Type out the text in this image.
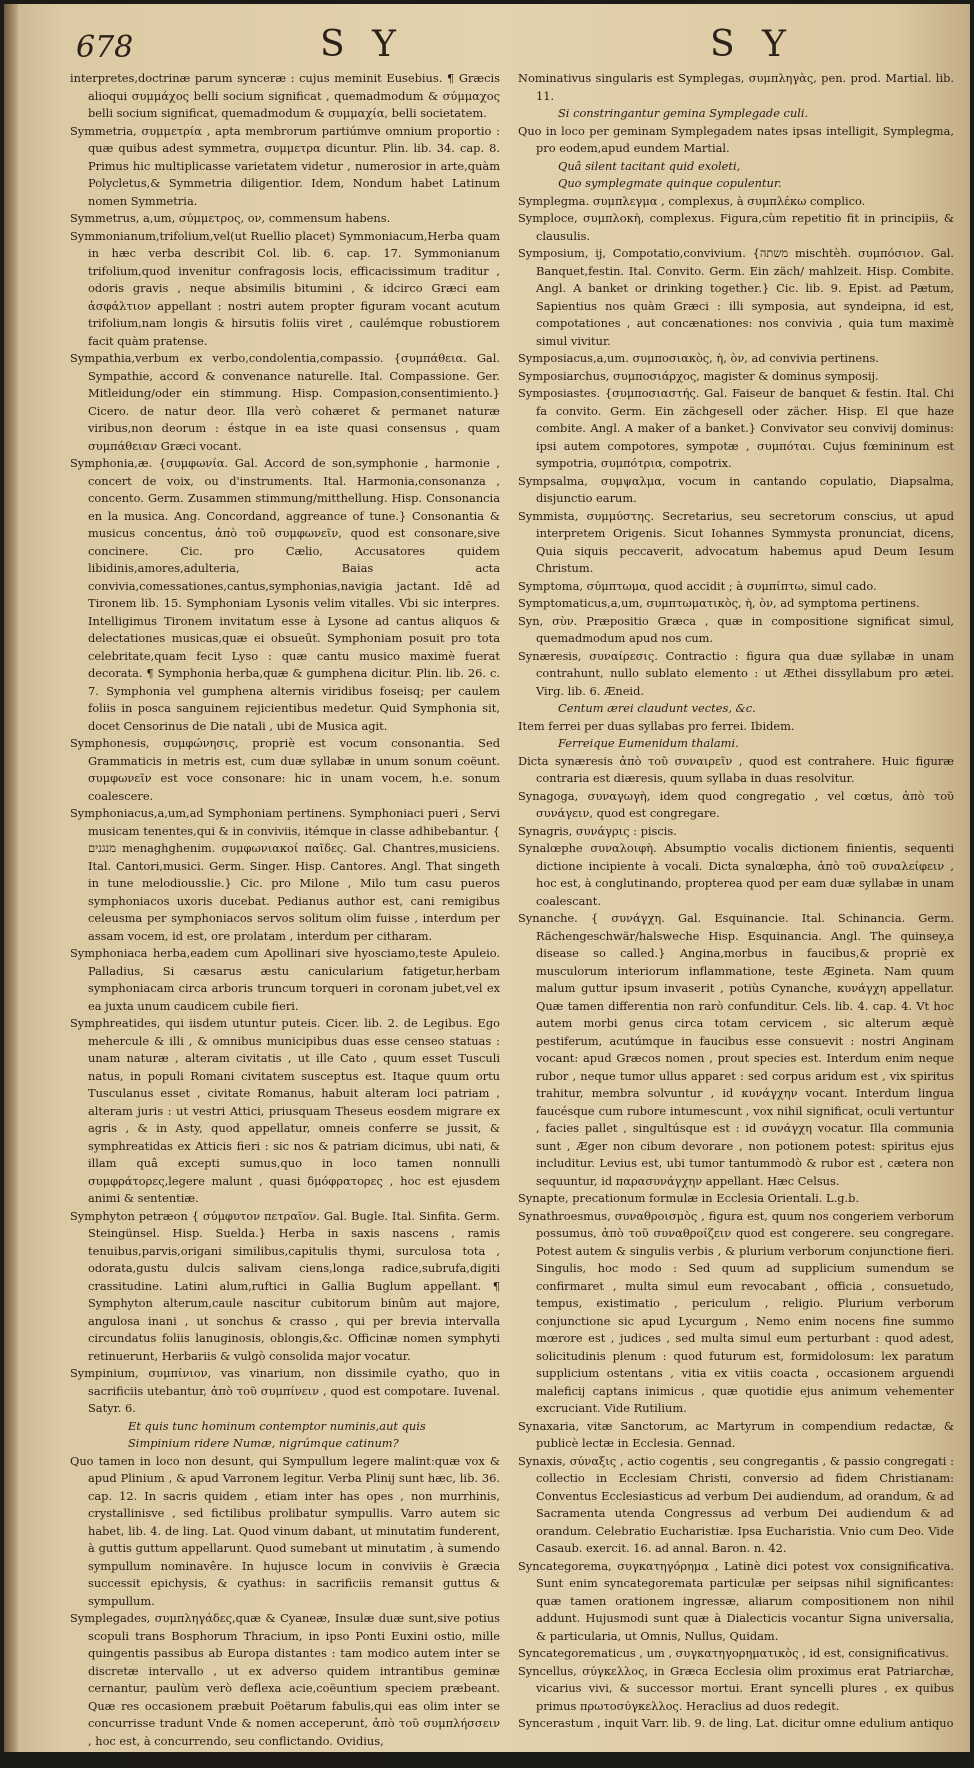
678	S Y	S Y

interpretes,doctrinæ parum synceræ : cujus meminit Eusebius. ¶ Græcis alioqui συμμάχος belli socium significat , quemadmodum & σύμμαχος belli socium significat, quemadmodum & συμμαχία, belli societatem.

Symmetria, συμμετρία , apta membrorum partiúmve omnium proportio : quæ quibus adest symmetra, συμμετρα dicuntur. Plin. lib. 34. cap. 8. Primus hic multiplicasse varietatem videtur , numerosior in arte,quàm Polycletus,& Symmetria diligentior. Idem, Nondum habet Latinum nomen Symmetria.

Symmetrus, a,um, σύμμετρος, ον, commensum habens.

Symmonianum,trifolium,vel(ut Ruellio placet) Symmoniacum,Herba quam in hæc verba describit Col. lib. 6. cap. 17. Symmonianum trifolium,quod invenitur confragosis locis, efficacissimum traditur , odoris gravis , neque absimilis bitumini , & idcirco Græci eam ἀσφάλτιον appellant : nostri autem propter figuram vocant acutum trifolium,nam longis & hirsutis foliis viret , caulémque robustiorem facit quàm pratense.

Sympathia,verbum ex verbo,condolentia,compassio. {συμπάθεια. Gal. Sympathie, accord & convenance naturelle. Ital. Compassione. Ger. Mitleidung/oder ein stimmung. Hisp. Compasion,consentimiento.} Cicero. de natur deor. Illa verò cohæret & permanet naturæ viribus,non deorum : éstque in ea iste quasi consensus , quam συμπάθειαν Græci vocant.

Symphonia,æ. {συμφωνία. Gal. Accord de son,symphonie , harmonie , concert de voix, ou d'instruments. Ital. Harmonia,consonanza , concento. Germ. Zusammen stimmung/mitthellung. Hisp. Consonancia en la musica. Ang. Concordand, aggreance of tune.} Consonantia & musicus concentus, ἀπὸ τοῦ συμφωνεῖν, quod est consonare,sive concinere. Cic. pro Cælio, Accusatores quidem libidinis,amores,adulteria, Baias acta convivia,comessationes,cantus,symphonias,navigia jactant. Idē ad Tironem lib. 15. Symphoniam Lysonis velim vitalles. Vbi sic interpres. Intelligimus Tironem invitatum esse à Lysone ad cantus aliquos & delectationes musicas,quæ ei obsueūt. Symphoniam posuit pro tota celebritate,quam fecit Lyso : quæ cantu musico maximè fuerat decorata. ¶ Symphonia herba,quæ & gumphena dicitur. Plin. lib. 26. c. 7. Symphonia vel gumphena alternis viridibus foseisq; per caulem foliis in posca sanguinem rejicientibus medetur. Quid Symphonia sit, docet Censorinus de Die natali , ubi de Musica agit.

Symphonesis, συμφώνησις, propriè est vocum consonantia. Sed Grammaticis in metris est, cum duæ syllabæ in unum sonum coëunt. συμφωνεῖν est voce consonare: hic in unam vocem, h.e. sonum coalescere.

Symphoniacus,a,um,ad Symphoniam pertinens. Symphoniaci pueri , Servi musicam tenentes,qui & in conviviis, itémque in classe adhibebantur. { מנגנים menaghghenim. συμφωνιακοί παῖδες. Gal. Chantres,musiciens. Ital. Cantori,musici. Germ. Singer. Hisp. Cantores. Angl. That singeth in tune melodiousslie.} Cic. pro Milone , Milo tum casu pueros symphoniacos uxoris ducebat. Pedianus author est, cani remigibus celeusma per symphoniacos servos solitum olim fuisse , interdum per assam vocem, id est, ore prolatam , interdum per citharam.

Symphoniaca herba,eadem cum Apollinari sive hyosciamo,teste Apuleio. Palladius, Si cæsarus æstu canicularium fatigetur,herbam symphoniacam circa arboris truncum torqueri in coronam jubet,vel ex ea juxta unum caudicem cubile fieri.

Symphreatides, qui iisdem utuntur puteis. Cicer. lib. 2. de Legibus. Ego mehercule & illi , & omnibus municipibus duas esse censeo statuas : unam naturæ , alteram civitatis , ut ille Cato , quum esset Tusculi natus, in populi Romani civitatem susceptus est. Itaque quum ortu Tusculanus esset , civitate Romanus, habuit alteram loci patriam , alteram juris : ut vestri Attici, priusquam Theseus eosdem migrare ex agris , & in Asty, quod appellatur, omneis conferre se jussit, & symphreatidas ex Atticis fieri : sic nos & patriam dicimus, ubi nati, & illam quâ excepti sumus,quo in loco tamen nonnulli συμφράτορες,legere malunt , quasi δμόφρατορες , hoc est ejusdem animi & sententiæ.

Symphyton petræon { σύμφυτον πετραῖον. Gal. Bugle. Ital. Sinfita. Germ. Steingünsel. Hisp. Suelda.} Herba in saxis nascens , ramis tenuibus,parvis,origani similibus,capitulis thymi, surculosa tota , odorata,gustu dulcis salivam ciens,longa radice,subrufa,digiti crassitudine. Latini alum,ruftici in Gallia Buglum appellant. ¶ Symphyton alterum,caule nascitur cubitorum binûm aut majore, angulosa inani , ut sonchus & crasso , qui per brevia intervalla circundatus foliis lanuginosis, oblongis,&c. Officinæ nomen symphyti retinuerunt, Herbariis & vulgò consolida major vocatur.

Sympinium, συμπίνιον, vas vinarium, non dissimile cyatho, quo in sacrificiis utebantur, ἀπὸ τοῦ συμπίνειν , quod est compotare. Iuvenal. Satyr. 6.

Et quis tunc hominum contemptor numinis,aut quis

Simpinium ridere Numæ, nigrúmque catinum?

Quo tamen in loco non desunt, qui Sympullum legere malint:quæ vox & apud Plinium , & apud Varronem legitur. Verba Plinij sunt hæc, lib. 36. cap. 12. In sacris quidem , etiam inter has opes , non murrhinis, crystallinisve , sed fictilibus prolibatur sympullis. Varro autem sic habet, lib. 4. de ling. Lat. Quod vinum dabant, ut minutatim funderent, à guttis guttum appellarunt. Quod sumebant ut minutatim , à sumendo sympullum nominavêre. In hujusce locum in conviviis è Græcia successit epichysis, & cyathus: in sacrificiis remansit guttus & sympullum.

Symplegades, συμπληγάδες,quæ & Cyaneæ, Insulæ duæ sunt,sive potius scopuli trans Bosphorum Thracium, in ipso Ponti Euxini ostio, mille quingentis passibus ab Europa distantes : tam modico autem inter se discretæ intervallo , ut ex adverso quidem intrantibus geminæ cernantur, paulùm verò deflexa acie,coëuntium speciem præbeant. Quæ res occasionem præbuit Poëtarum fabulis,qui eas olim inter se concurrisse tradunt Vnde & nomen acceperunt, ἀπὸ τοῦ συμπλήσσειν , hoc est, à concurrendo, seu conflictando. Ovidius,

Compressos utinam Symplegades elisissent.

Nominativus singularis est Symplegas, συμπληγὰς, pen. prod. Martial. lib. 11.

Si constringantur gemina Symplegade culi.

Quo in loco per geminam Symplegadem nates ipsas intelligit, Symplegma, pro eodem,apud eundem Martial.

Quâ silent tacitant quid exoleti,

Quo symplegmate quinque copulentur.

Symplegma. συμπλεγμα , complexus, à συμπλέκω complico.

Symploce, συμπλοκὴ, complexus. Figura,cùm repetitio fit in principiis, & clausulis.

Symposium, ij, Compotatio,convivium. {משתה mischtèh. συμπόσιον. Gal. Banquet,festin. Ital. Convito. Germ. Ein zäch/ mahlzeit. Hisp. Combite. Angl. A banket or drinking together.} Cic. lib. 9. Epist. ad Pætum, Sapientius nos quàm Græci : illi symposia, aut syndeipna, id est, compotationes , aut concænationes: nos convivia , quia tum maximè simul vivitur.

Symposiacus,a,um. συμποσιακὸς, ὴ, ὸν, ad convivia pertinens.

Symposiarchus, συμποσιάρχος, magister & dominus symposij.

Symposiastes. {συμποσιαστής. Gal. Faiseur de banquet & festin. Ital. Chi fa convito. Germ. Ein zächgesell oder zächer. Hisp. El que haze combite. Angl. A maker of a banket.} Convivator seu convivij dominus: ipsi autem compotores, sympotæ , συμπόται. Cujus fœmininum est sympotria, συμπότρια, compotrix.

Sympsalma, συμψαλμα, vocum in cantando copulatio, Diapsalma, disjunctio earum.

Symmista, συμμύστης. Secretarius, seu secretorum conscius, ut apud interpretem Origenis. Sicut Iohannes Symmysta pronunciat, dicens, Quia siquis peccaverit, advocatum habemus apud Deum Iesum Christum.

Symptoma, σύμπτωμα, quod accidit ; à συμπίπτω, simul cado.

Symptomaticus,a,um, συμπτωματικὸς, ὴ, ὸν, ad symptoma pertinens.

Syn, σὺν. Præpositio Græca , quæ in compositione significat simul, quemadmodum apud nos cum.

Synæresis, συναίρεσις. Contractio : figura qua duæ syllabæ in unam contrahunt, nullo sublato elemento : ut Æthei dissyllabum pro ætei. Virg. lib. 6. Æneid.

Centum ærei claudunt vectes, &c.

Item ferrei per duas syllabas pro ferrei. Ibidem.

Ferreique Eumenidum thalami.

Dicta synæresis ἀπὸ τοῦ συναιρεῖν , quod est contrahere. Huic figuræ contraria est diæresis, quum syllaba in duas resolvitur.

Synagoga, συναγωγὴ, idem quod congregatio , vel cœtus, ἀπὸ τοῦ συνάγειν, quod est congregare.

Synagris, συνάγρις : piscis.

Synalœphe συναλοιφὴ. Absumptio vocalis dictionem finientis, sequenti dictione incipiente à vocali. Dicta synalœpha, ἀπὸ τοῦ συναλείφειν , hoc est, à conglutinando, propterea quod per eam duæ syllabæ in unam coalescant.

Synanche. { συνάγχη. Gal. Esquinancie. Ital. Schinancia. Germ. Rächengeschwär/halsweche Hisp. Esquinancia. Angl. The quinsey,a disease so called.} Angina,morbus in faucibus,& propriè ex musculorum interiorum inflammatione, teste Ægineta. Nam quum malum guttur ipsum invaserit , potiùs Cynanche, κυνάγχη appellatur. Quæ tamen differentia non rarò confunditur. Cels. lib. 4. cap. 4. Vt hoc autem morbi genus circa totam cervicem , sic alterum æquè pestiferum, acutúmque in faucibus esse consuevit : nostri Anginam vocant: apud Græcos nomen , prout species est. Interdum enim neque rubor , neque tumor ullus apparet : sed corpus aridum est , vix spiritus trahitur, membra solvuntur , id κυνάγχην vocant. Interdum lingua faucésque cum rubore intumescunt , vox nihil significat, oculi vertuntur , facies pallet , singultúsque est : id συνάγχη vocatur. Illa communia sunt , Æger non cibum devorare , non potionem potest: spiritus ejus includitur. Levius est, ubi tumor tantummodò & rubor est , cætera non sequuntur, id παρασυνάγχην appellant. Hæc Celsus.

Synapte, precationum formulæ in Ecclesia Orientali. L.g.b.

Synathroesmus, συναθροισμὸς , figura est, quum nos congeriem verborum possumus, ἀπὸ τοῦ συναθροίζειν quod est congerere. seu congregare. Potest autem & singulis verbis , & plurium verborum conjunctione fieri. Singulis, hoc modo : Sed quum ad supplicium sumendum se confirmaret , multa simul eum revocabant , officia , consuetudo, tempus, existimatio , periculum , religio. Plurium verborum conjunctione sic apud Lycurgum , Nemo enim nocens fine summo mœrore est , judices , sed multa simul eum perturbant : quod adest, solicitudinis plenum : quod futurum est, formidolosum: lex paratum supplicium ostentans , vitia ex vitiis coacta , occasionem arguendi maleficij captans inimicus , quæ quotidie ejus animum vehementer excruciant. Vide Rutilium.

Synaxaria, vitæ Sanctorum, ac Martyrum in compendium redactæ, & publicè lectæ in Ecclesia. Gennad.

Synaxis, σύναξις , actio cogentis , seu congregantis , & passio congregati : collectio in Ecclesiam Christi, conversio ad fidem Christianam: Conventus Ecclesiasticus ad verbum Dei audiendum, ad orandum, & ad Sacramenta utenda Congressus ad verbum Dei audiendum & ad orandum. Celebratio Eucharistiæ. Ipsa Eucharistia. Vnio cum Deo. Vide Casaub. exercit. 16. ad annal. Baron. n. 42.

Syncategorema, συγκατηγόρημα , Latinè dici potest vox consignificativa. Sunt enim syncategoremata particulæ per seipsas nihil significantes: quæ tamen orationem ingressæ, aliarum compositionem non nihil addunt. Hujusmodi sunt quæ à Dialecticis vocantur Signa universalia, & particularia, ut Omnis, Nullus, Quidam.

Syncategorematicus , um , συγκατηγορηματικὸς , id est, consignificativus.

Syncellus, σύγκελλος, in Græca Ecclesia olim proximus erat Patriarchæ, vicarius vivi, & successor mortui. Erant syncelli plures , ex quibus primus πρωτοσύγκελλος. Heraclius ad duos redegit.

Syncerastum , inquit Varr. lib. 9. de ling. Lat. dicitur omne edulium antiquo
